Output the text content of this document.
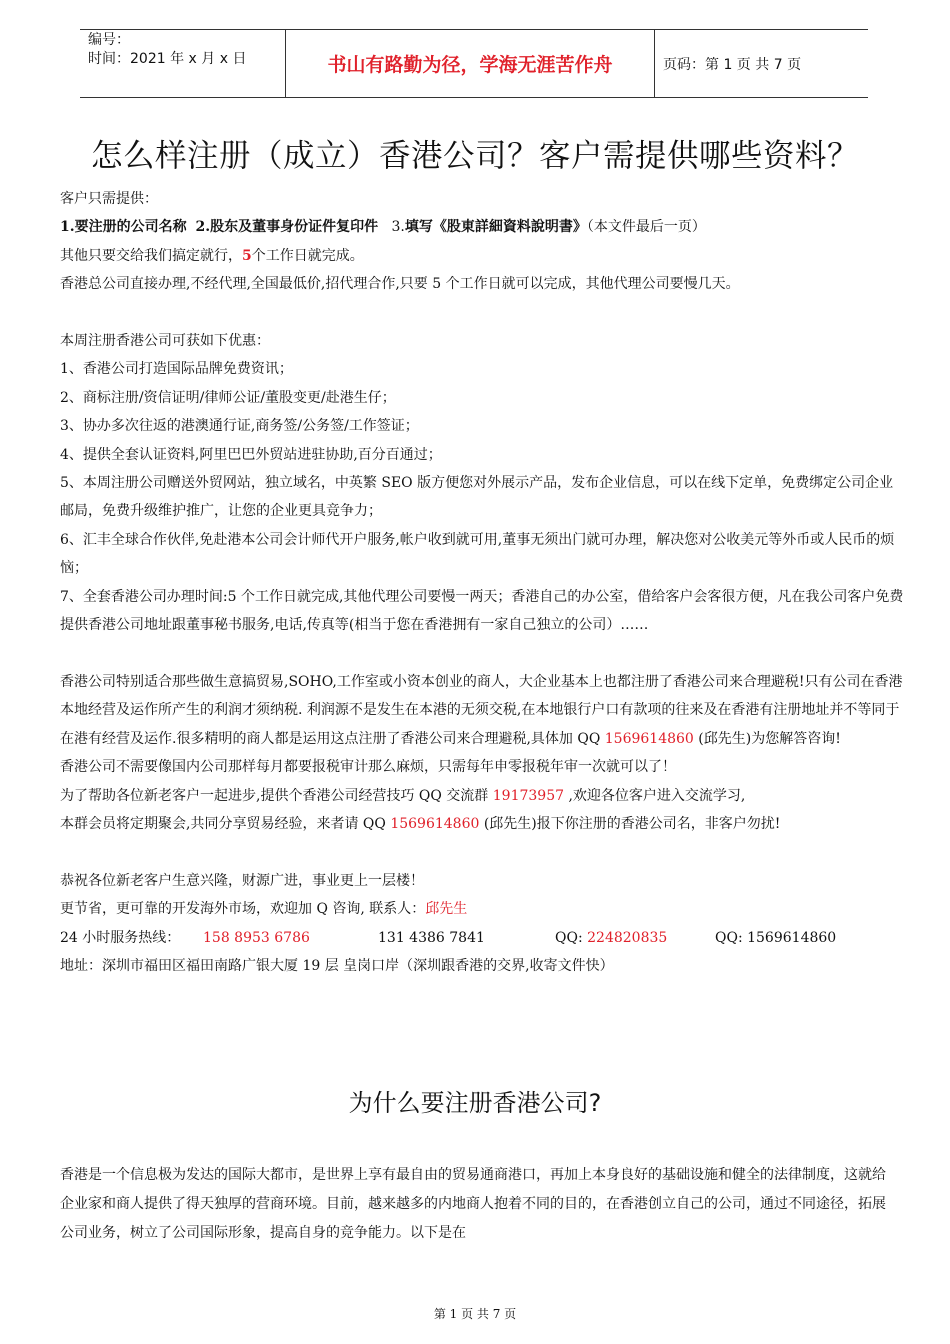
编号：
时间：2021 年 x 月 x 日	书山有路勤为径，学海无涯苦作舟	页码：第 1 页 共 7 页
怎么样注册（成立）香港公司？客户需提供哪些资料？

客户只需提供：

1.要注册的公司名称 2.股东及董事身份证件复印件 3.填写《股東詳細資料說明書》（本文件最后一页）

其他只要交给我们搞定就行，5个工作日就完成。

香港总公司直接办理,不经代理,全国最低价,招代理合作,只要 5 个工作日就可以完成，其他代理公司要慢几天。

本周注册香港公司可获如下优惠：

1、香港公司打造国际品牌免费资讯；

2、商标注册/资信证明/律师公证/董股变更/赴港生仔；

3、协办多次往返的港澳通行证,商务签/公务签/工作签证；

4、提供全套认证资料,阿里巴巴外贸站进驻协助,百分百通过；

5、本周注册公司赠送外贸网站，独立域名，中英繁 SEO 版方便您对外展示产品，发布企业信息，可以在线下定单，免费绑定公司企业邮局，免费升级维护推广，让您的企业更具竞争力；

6、汇丰全球合作伙伴,免赴港本公司会计师代开户服务,帐户收到就可用,董事无须出门就可办理，解决您对公收美元等外币或人民币的烦恼；

7、全套香港公司办理时间:5 个工作日就完成,其他代理公司要慢一两天；香港自己的办公室，借给客户会客很方便，凡在我公司客户免费提供香港公司地址跟董事秘书服务,电话,传真等(相当于您在香港拥有一家自己独立的公司）……

香港公司特别适合那些做生意搞贸易,SOHO,工作室或小资本创业的商人，大企业基本上也都注册了香港公司来合理避税!只有公司在香港本地经营及运作所产生的利润才须纳税. 利润源不是发生在本港的无须交税,在本地银行户口有款项的往来及在香港有注册地址并不等同于在港有经营及运作.很多精明的商人都是运用这点注册了香港公司来合理避税,具体加 QQ 1569614860 (邱先生)为您解答咨询!

香港公司不需要像国内公司那样每月都要报税审计那么麻烦，只需每年申零报税年审一次就可以了！

为了帮助各位新老客户一起进步,提供个香港公司经营技巧 QQ 交流群 19173957 ,欢迎各位客户进入交流学习,

本群会员将定期聚会,共同分享贸易经验，来者请 QQ 1569614860 (邱先生)报下你注册的香港公司名，非客户勿扰!

恭祝各位新老客户生意兴隆，财源广进，事业更上一层楼！

更节省，更可靠的开发海外市场，欢迎加 Q 咨询, 联系人：邱先生

24 小时服务热线： 158 8953 6786	131 4386 7841	QQ: 224820835	QQ: 1569614860

地址：深圳市福田区福田南路广银大厦 19 层 皇岗口岸（深圳跟香港的交界,收寄文件快）

为什么要注册香港公司?

香港是一个信息极为发达的国际大都市，是世界上享有最自由的贸易通商港口，再加上本身良好的基础设施和健全的法律制度，这就给企业家和商人提供了得天独厚的营商环境。目前，越来越多的内地商人抱着不同的目的，在香港创立自己的公司，通过不同途径，拓展公司业务，树立了公司国际形象，提高自身的竞争能力。以下是在

第 1 页 共 7 页
